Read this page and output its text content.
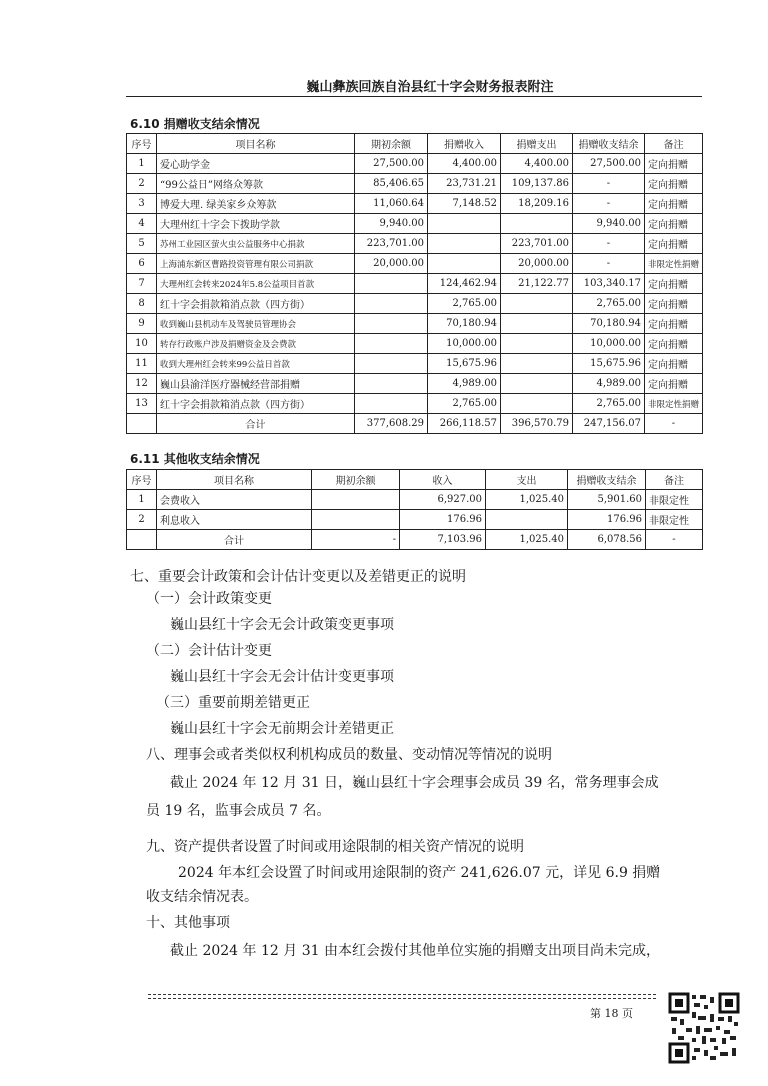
巍山彝族回族自治县红十字会财务报表附注
6.10 捐赠收支结余情况
序号	项目名称	期初余额	捐赠收入	捐赠支出	捐赠收支结余	备注
1	爱心助学金	27,500.00	4,400.00	4,400.00	27,500.00	定向捐赠
2	“99公益日”网络众筹款	85,406.65	23,731.21	109,137.86	-	定向捐赠
3	博爱大理. 绿美家乡众筹款	11,060.64	7,148.52	18,209.16	-	定向捐赠
4	大理州红十字会下拨助学款	9,940.00			9,940.00	定向捐赠
5	苏州工业园区萤火虫公益服务中心捐款	223,701.00		223,701.00	-	定向捐赠
6	上海浦东新区曹路投资管理有限公司捐款	20,000.00		20,000.00	-	非限定性捐赠
7	大理州红会转来2024年5.8公益项目首款		124,462.94	21,122.77	103,340.17	定向捐赠
8	红十字会捐款箱消点款（四方街）		2,765.00		2,765.00	定向捐赠
9	收到巍山县机动车及驾驶员管理协会		70,180.94		70,180.94	定向捐赠
10	转存行政账户涉及捐赠资金及会费款		10,000.00		10,000.00	定向捐赠
11	收到大理州红会转来99公益日首款		15,675.96		15,675.96	定向捐赠
12	巍山县渝洋医疗器械经营部捐赠		4,989.00		4,989.00	定向捐赠
13	红十字会捐款箱消点款（四方街）		2,765.00		2,765.00	非限定性捐赠
	合计	377,608.29	266,118.57	396,570.79	247,156.07	-
6.11 其他收支结余情况
序号	项目名称	期初余额	收入	支出	捐赠收支结余	备注
1	会费收入		6,927.00	1,025.40	5,901.60	非限定性
2	利息收入		176.96		176.96	非限定性
	合计	-	7,103.96	1,025.40	6,078.56	-
七、重要会计政策和会计估计变更以及差错更正的说明
（一）会计政策变更
巍山县红十字会无会计政策变更事项
（二）会计估计变更
巍山县红十字会无会计估计变更事项
（三）重要前期差错更正
巍山县红十字会无前期会计差错更正
八、理事会或者类似权利机构成员的数量、变动情况等情况的说明
截止 2024 年 12 月 31 日，巍山县红十字会理事会成员 39 名，常务理事会成
员 19 名，监事会成员 7 名。
九、资产提供者设置了时间或用途限制的相关资产情况的说明
2024 年本红会设置了时间或用途限制的资产 241,626.07 元，详见 6.9 捐赠
收支结余情况表。
十、其他事项
截止 2024 年 12 月 31 由本红会拨付其他单位实施的捐赠支出项目尚未完成，
第 18 页
